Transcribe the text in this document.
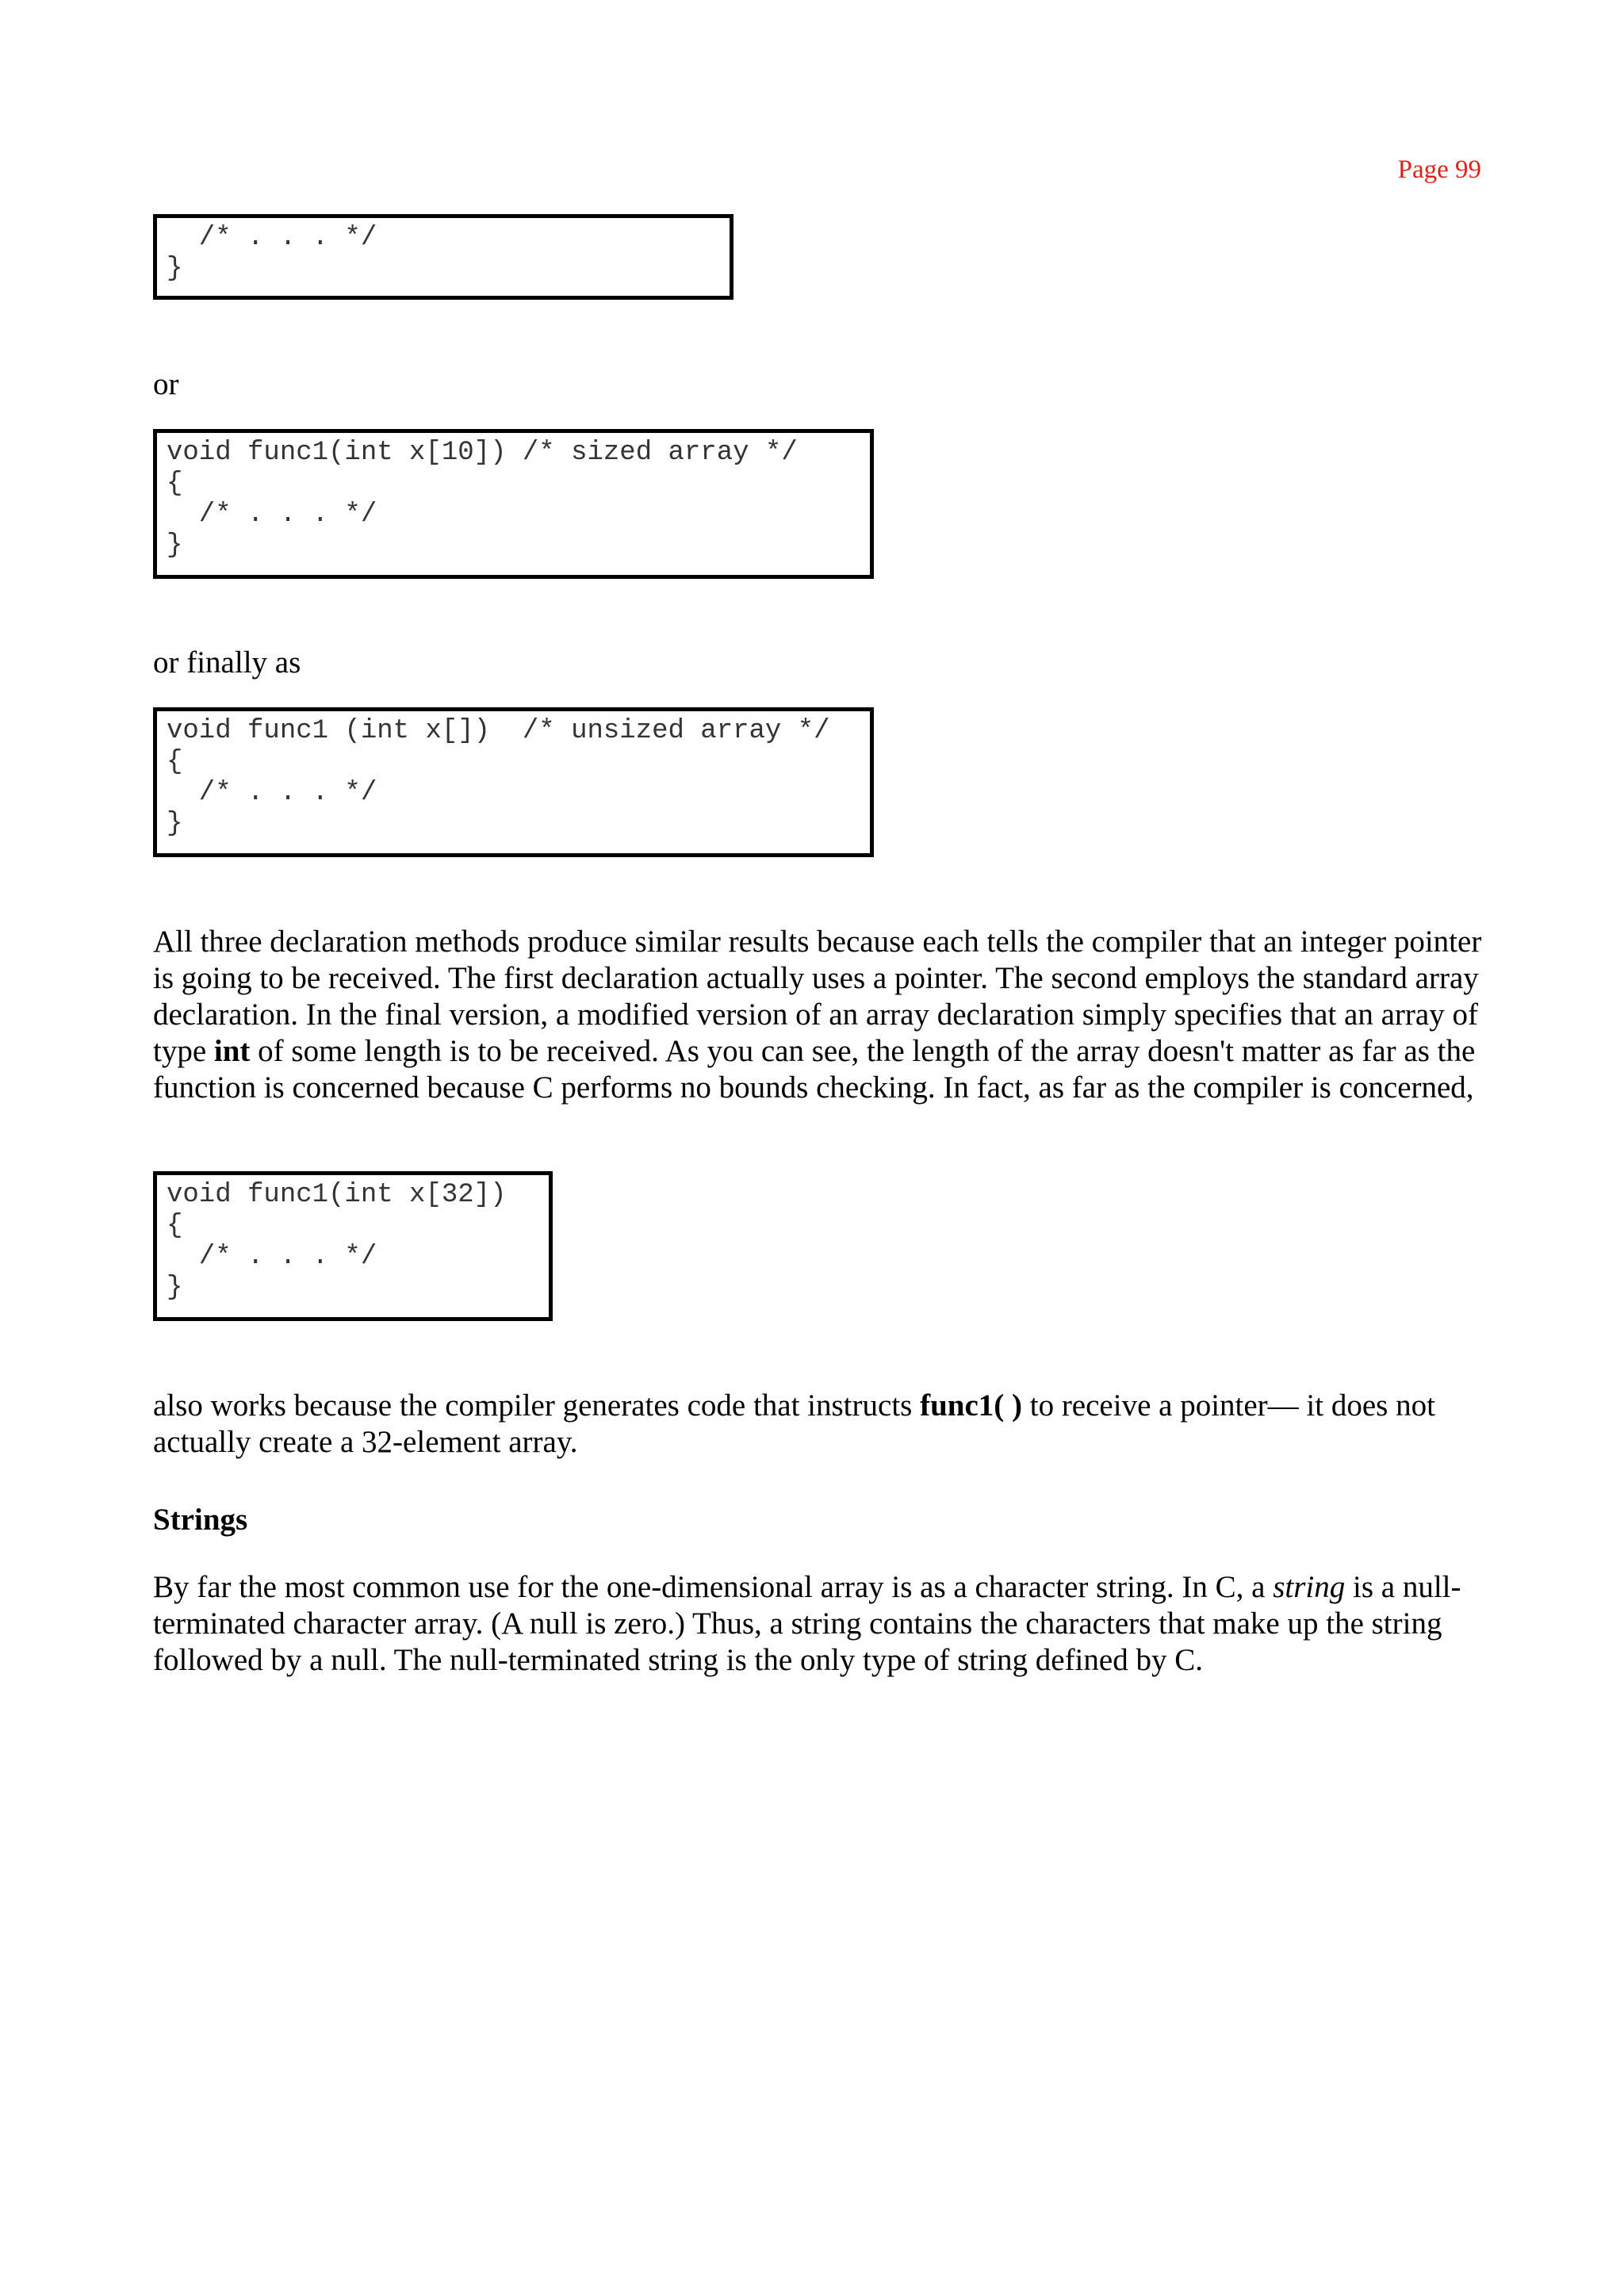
Page 99
/* . . . */
}
or
void func1(int x[10]) /* sized array */
{
/* . . . */
}
or finally as
void func1 (int x[])  /* unsized array */
{
/* . . . */
}
All three declaration methods produce similar results because each tells the compiler that an integer pointer is going to be received. The first declaration actually uses a pointer. The second employs the standard array declaration. In the final version, a modified version of an array declaration simply specifies that an array of type int of some length is to be received. As you can see, the length of the array doesn't matter as far as the function is concerned because C performs no bounds checking. In fact, as far as the compiler is concerned,
void func1(int x[32])
{
/* . . . */
}
also works because the compiler generates code that instructs func1( ) to receive a pointer— it does not actually create a 32-element array.
Strings
By far the most common use for the one-dimensional array is as a character string. In C, a string is a null-terminated character array. (A null is zero.) Thus, a string contains the characters that make up the string followed by a null. The null-terminated string is the only type of string defined by C.
